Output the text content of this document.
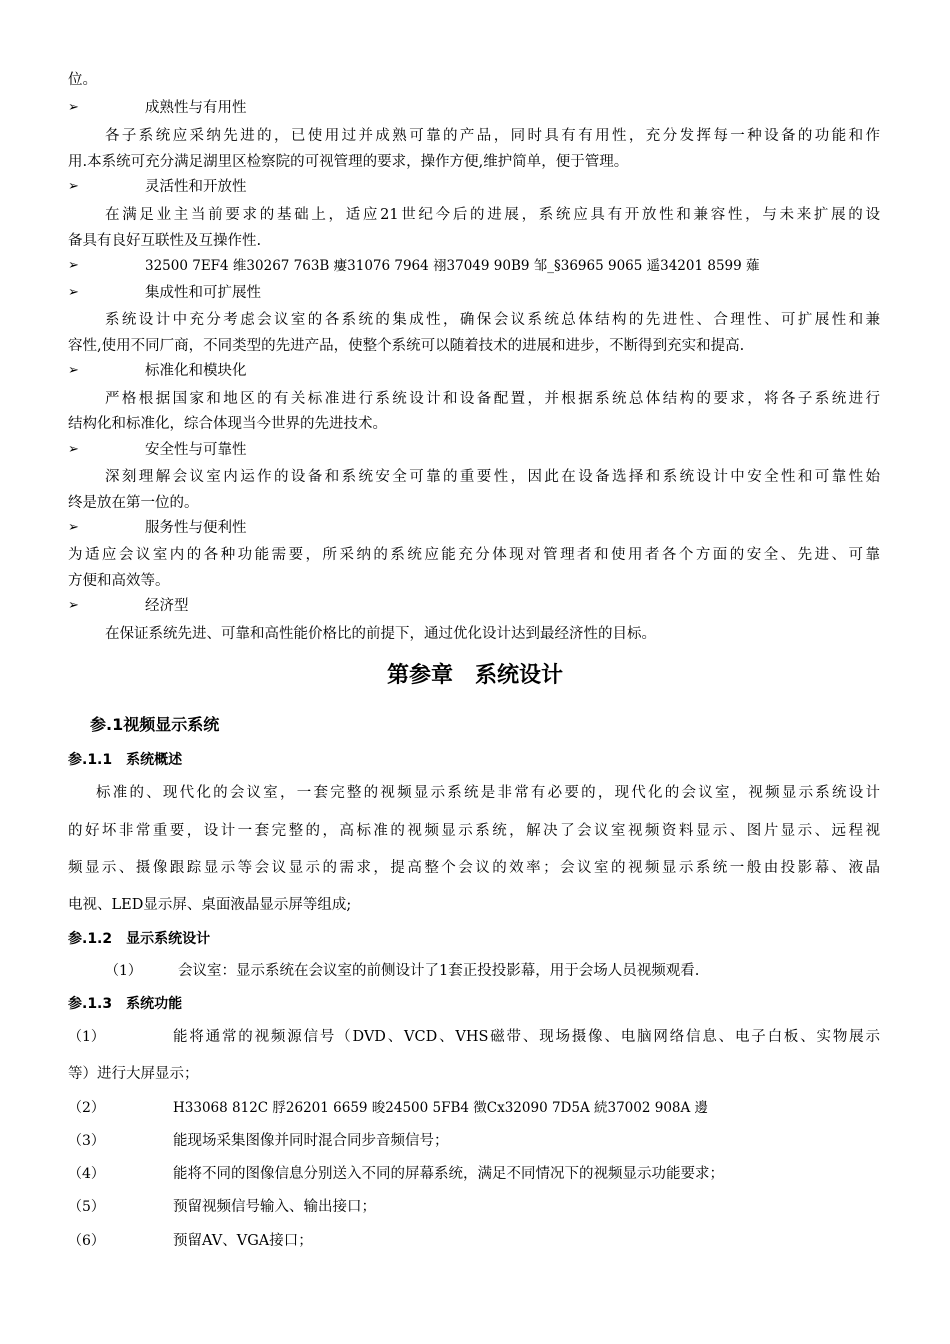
位。
➢	成熟性与有用性
各子系统应采纳先进的，已使用过并成熟可靠的产品，同时具有有用性，充分发挥每一种设备的功能和作
用.本系统可充分满足湖里区检察院的可视管理的要求，操作方便,维护简单，便于管理。
➢	灵活性和开放性
在满足业主当前要求的基础上，适应21世纪今后的进展，系统应具有开放性和兼容性，与未来扩展的设
备具有良好互联性及互操作性.
➢	32500 7EF4 维30267 763B 瘻31076 7964 祤37049 90B9 邹_§36965 9065 遥34201 8599 薙
➢	集成性和可扩展性
系统设计中充分考虑会议室的各系统的集成性，确保会议系统总体结构的先进性、合理性、可扩展性和兼
容性,使用不同厂商，不同类型的先进产品，使整个系统可以随着技术的进展和进步，不断得到充实和提高.
➢	标准化和模块化
严格根据国家和地区的有关标准进行系统设计和设备配置，并根据系统总体结构的要求，将各子系统进行
结构化和标准化，综合体现当今世界的先进技术。
➢	安全性与可靠性
深刻理解会议室内运作的设备和系统安全可靠的重要性，因此在设备选择和系统设计中安全性和可靠性始
终是放在第一位的。
➢	服务性与便利性
为适应会议室内的各种功能需要，所采纳的系统应能充分体现对管理者和使用者各个方面的安全、先进、可靠
方便和高效等。
➢	经济型
在保证系统先进、可靠和高性能价格比的前提下，通过优化设计达到最经济性的目标。
第参章　系统设计
参.1视频显示系统
参.1.1　系统概述
标准的、现代化的会议室，一套完整的视频显示系统是非常有必要的，现代化的会议室，视频显示系统设计
的好坏非常重要，设计一套完整的，高标准的视频显示系统，解决了会议室视频资料显示、图片显示、远程视
频显示、摄像跟踪显示等会议显示的需求，提高整个会议的效率；会议室的视频显示系统一般由投影幕、液晶
电视、LED显示屏、桌面液晶显示屏等组成;
参.1.2　显示系统设计
（1） 会议室：显示系统在会议室的前侧设计了1套正投投影幕，用于会场人员视频观看.
参.1.3　系统功能
（1）	能将通常的视频源信号（DVD、VCD、VHS磁带、现场摄像、电脑网络信息、电子白板、实物展示
等）进行大屏显示；
（2）	H33068 812C 脬26201 6659 晙24500 5FB4 徴Cx32090 7D5A 続37002 908A 邊
（3）	能现场采集图像并同时混合同步音频信号；
（4）	能将不同的图像信息分别送入不同的屏幕系统，满足不同情况下的视频显示功能要求；
（5）	预留视频信号输入、输出接口；
（6）	预留AV、VGA接口；
